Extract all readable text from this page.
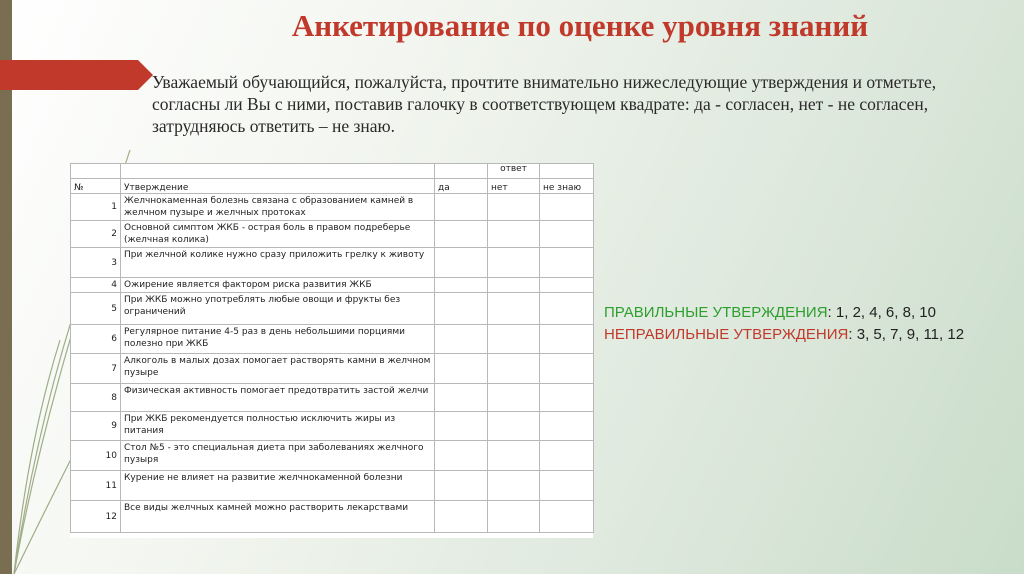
Анкетирование по оценке уровня знаний
Уважаемый обучающийся, пожалуйста, прочтите внимательно нижеследующие утверждения и отметьте, согласны ли Вы с ними, поставив галочку в соответствующем квадрате: да - согласен, нет - не согласен, затрудняюсь ответить – не знаю.
			ответ	
№	Утверждение	да	нет	не знаю
1	Желчнокаменная болезнь связана с образованием камней в желчном пузыре и желчных протоках			
2	Основной симптом ЖКБ - острая боль в правом подреберье (желчная колика)			
3	При желчной колике нужно сразу приложить грелку к животу			
4	Ожирение является фактором риска развития ЖКБ			
5	При ЖКБ можно употреблять любые овощи и фрукты без ограничений			
6	Регулярное питание 4-5 раз в день небольшими порциями полезно при ЖКБ			
7	Алкоголь в малых дозах помогает растворять камни в желчном пузыре			
8	Физическая активность помогает предотвратить застой желчи			
9	При ЖКБ рекомендуется полностью исключить жиры из питания			
10	Стол №5 - это специальная диета при заболеваниях желчного пузыря			
11	Курение не влияет на развитие желчнокаменной болезни			
12	Все виды желчных камней можно растворить лекарствами			
ПРАВИЛЬНЫЕ УТВЕРЖДЕНИЯ: 1, 2, 4, 6, 8, 10
НЕПРАВИЛЬНЫЕ УТВЕРЖДЕНИЯ: 3, 5, 7, 9, 11, 12
